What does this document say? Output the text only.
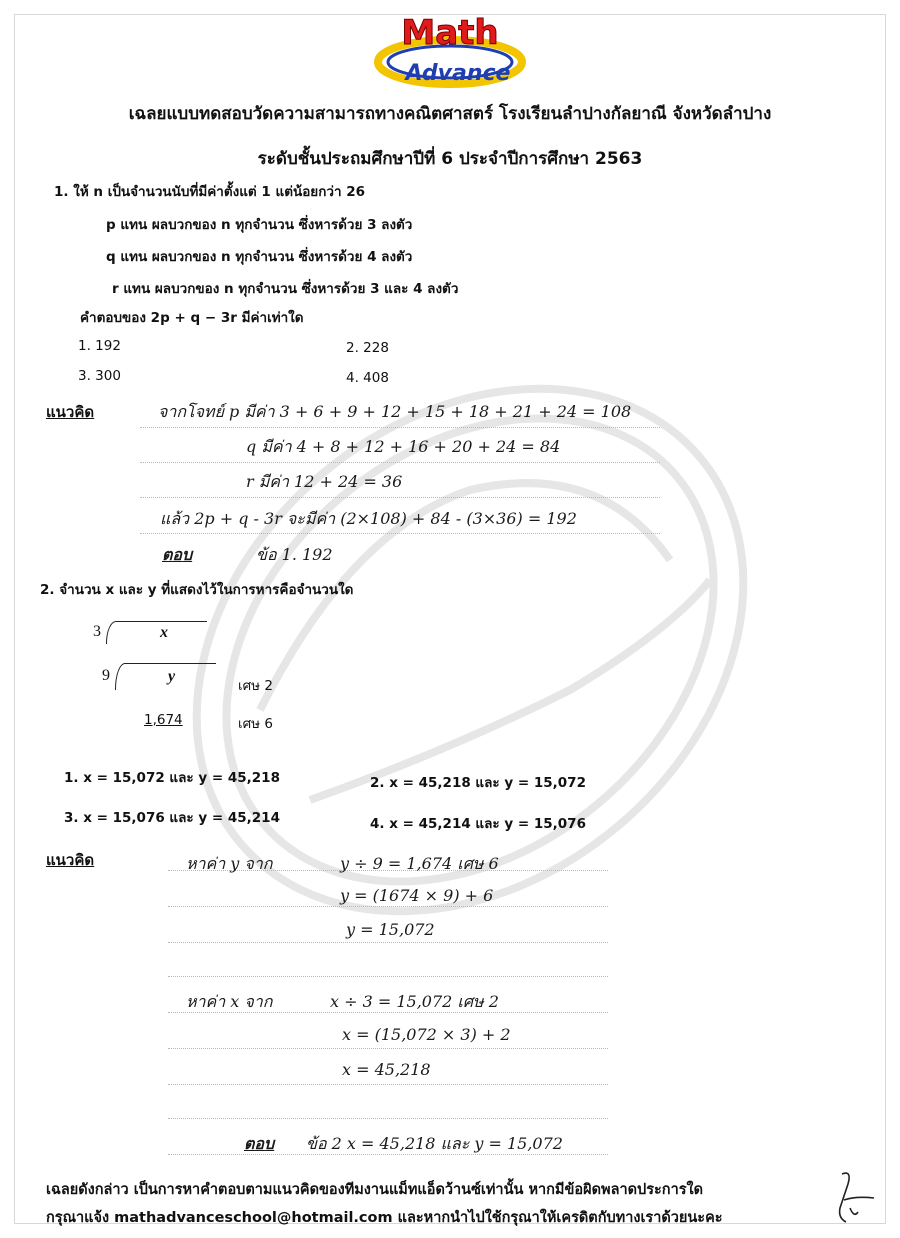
Math
Advance
เฉลยแบบทดสอบวัดความสามารถทางคณิตศาสตร์ โรงเรียนลำปางกัลยาณี จังหวัดลำปาง
ระดับชั้นประถมศึกษาปีที่ 6 ประจำปีการศึกษา 2563
1. ให้ n เป็นจำนวนนับที่มีค่าตั้งแต่ 1 แต่น้อยกว่า 26
p แทน ผลบวกของ n ทุกจำนวน ซึ่งหารด้วย 3 ลงตัว
q แทน ผลบวกของ n ทุกจำนวน ซึ่งหารด้วย 4 ลงตัว
r แทน ผลบวกของ n ทุกจำนวน ซึ่งหารด้วย 3 และ 4 ลงตัว
คำตอบของ 2p + q − 3r มีค่าเท่าใด
1. 192	2. 228
3. 300	4. 408
แนวคิด	จากโจทย์ p มีค่า 3 + 6 + 9 + 12 + 15 + 18 + 21 + 24 = 108
q มีค่า 4 + 8 + 12 + 16 + 20 + 24 = 84
r มีค่า 12 + 24 = 36
แล้ว 2p + q - 3r จะมีค่า (2×108) + 84 - (3×36) = 192
ตอบ	ข้อ 1. 192
2. จำนวน x และ y ที่แสดงไว้ในการหารคือจำนวนใด
3	x
9	y
เศษ 2
1,674	เศษ 6
1. x = 15,072 และ y = 45,218	2. x = 45,218 และ y = 15,072
3. x = 15,076 และ y = 45,214	4. x = 45,214 และ y = 15,076
แนวคิด	หาค่า y จาก	y ÷ 9 = 1,674 เศษ 6
y = (1674 × 9) + 6
y = 15,072
หาค่า x จาก	x ÷ 3 = 15,072 เศษ 2
x = (15,072 × 3) + 2
x = 45,218
ตอบ ข้อ 2 x = 45,218 และ y = 15,072
เฉลยดังกล่าว เป็นการหาคำตอบตามแนวคิดของทีมงานแม็ทแอ็ดว้านซ์เท่านั้น หากมีข้อผิดพลาดประการใด
กรุณาแจ้ง mathadvanceschool@hotmail.com และหากนำไปใช้กรุณาให้เครดิตกับทางเราด้วยนะคะ
